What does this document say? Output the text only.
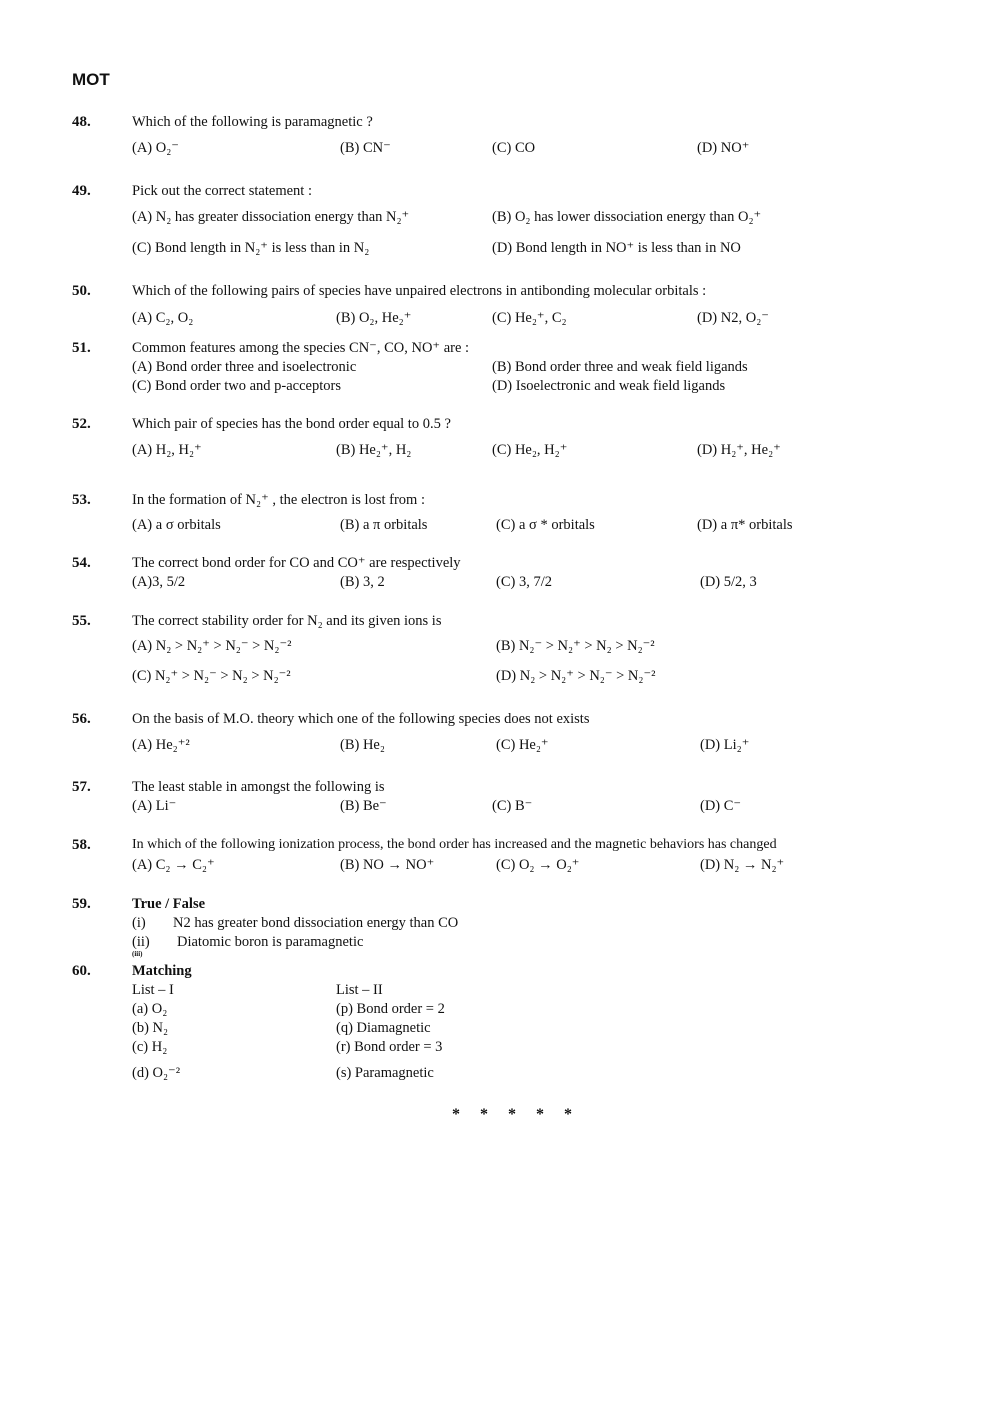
MOT
48.	Which of the following is paramagnetic ?
(A) O₂⁻	(B) CN⁻	(C) CO	(D) NO⁺
49.	Pick out the correct statement :
(A) N₂ has greater dissociation energy than N₂⁺	(B) O₂ has lower dissociation energy than O₂⁺
(C) Bond length in N₂⁺ is less than in N₂	(D) Bond length in NO⁺ is less than in NO
50.	Which of the following pairs of species have unpaired electrons in antibonding molecular orbitals :
(A) C₂, O₂	(B) O₂, He₂⁺	(C) He₂⁺, C₂	(D) N2, O₂⁻
51.	Common features among the species CN⁻, CO, NO⁺ are :
(A) Bond order three and isoelectronic	(B) Bond order three and weak field ligands
(C) Bond order two and p-acceptors	(D) Isoelectronic and weak field ligands
52.	Which pair of species has the bond order equal to 0.5 ?
(A) H₂, H₂⁺	(B) He₂⁺, H₂	(C) He₂, H₂⁺	(D) H₂⁺, He₂⁺
53.	In the formation of N₂⁺ , the electron is lost from :
(A) a σ orbitals	(B) a π orbitals	(C) a σ * orbitals	(D) a π* orbitals
54.	The correct bond order for CO and CO⁺ are respectively
(A)3, 5/2	(B) 3, 2	(C) 3, 7/2	(D) 5/2, 3
55.	The correct stability order for N₂ and its given ions is
(A) N₂ > N₂⁺ > N₂⁻ > N₂⁻²	(B) N₂⁻ > N₂⁺ > N₂ > N₂⁻²
(C) N₂⁺ > N₂⁻ > N₂ > N₂⁻²	(D) N₂ > N₂⁺ > N₂⁻ > N₂⁻²
56.	On the basis of M.O. theory which one of the following species does not exists
(A) He₂⁺²	(B) He₂	(C) He₂⁺	(D) Li₂⁺
57.	The least stable in amongst the following is
(A) Li⁻	(B) Be⁻	(C) B⁻	(D) C⁻
58.	In which of the following ionization process, the bond order has increased and the magnetic behaviors has changed
(A) C₂ → C₂⁺	(B) NO → NO⁺	(C) O₂ → O₂⁺	(D) N₂ → N₂⁺
59.	True / False
(i) N2 has greater bond dissociation energy than CO
(ii) Diatomic boron is paramagnetic
(iii)
60.	Matching
List – I	List – II
(a) O₂	(p) Bond order = 2
(b) N₂	(q) Diamagnetic
(c) H₂	(r) Bond order = 3
(d) O₂⁻²	(s) Paramagnetic
* * * * *
